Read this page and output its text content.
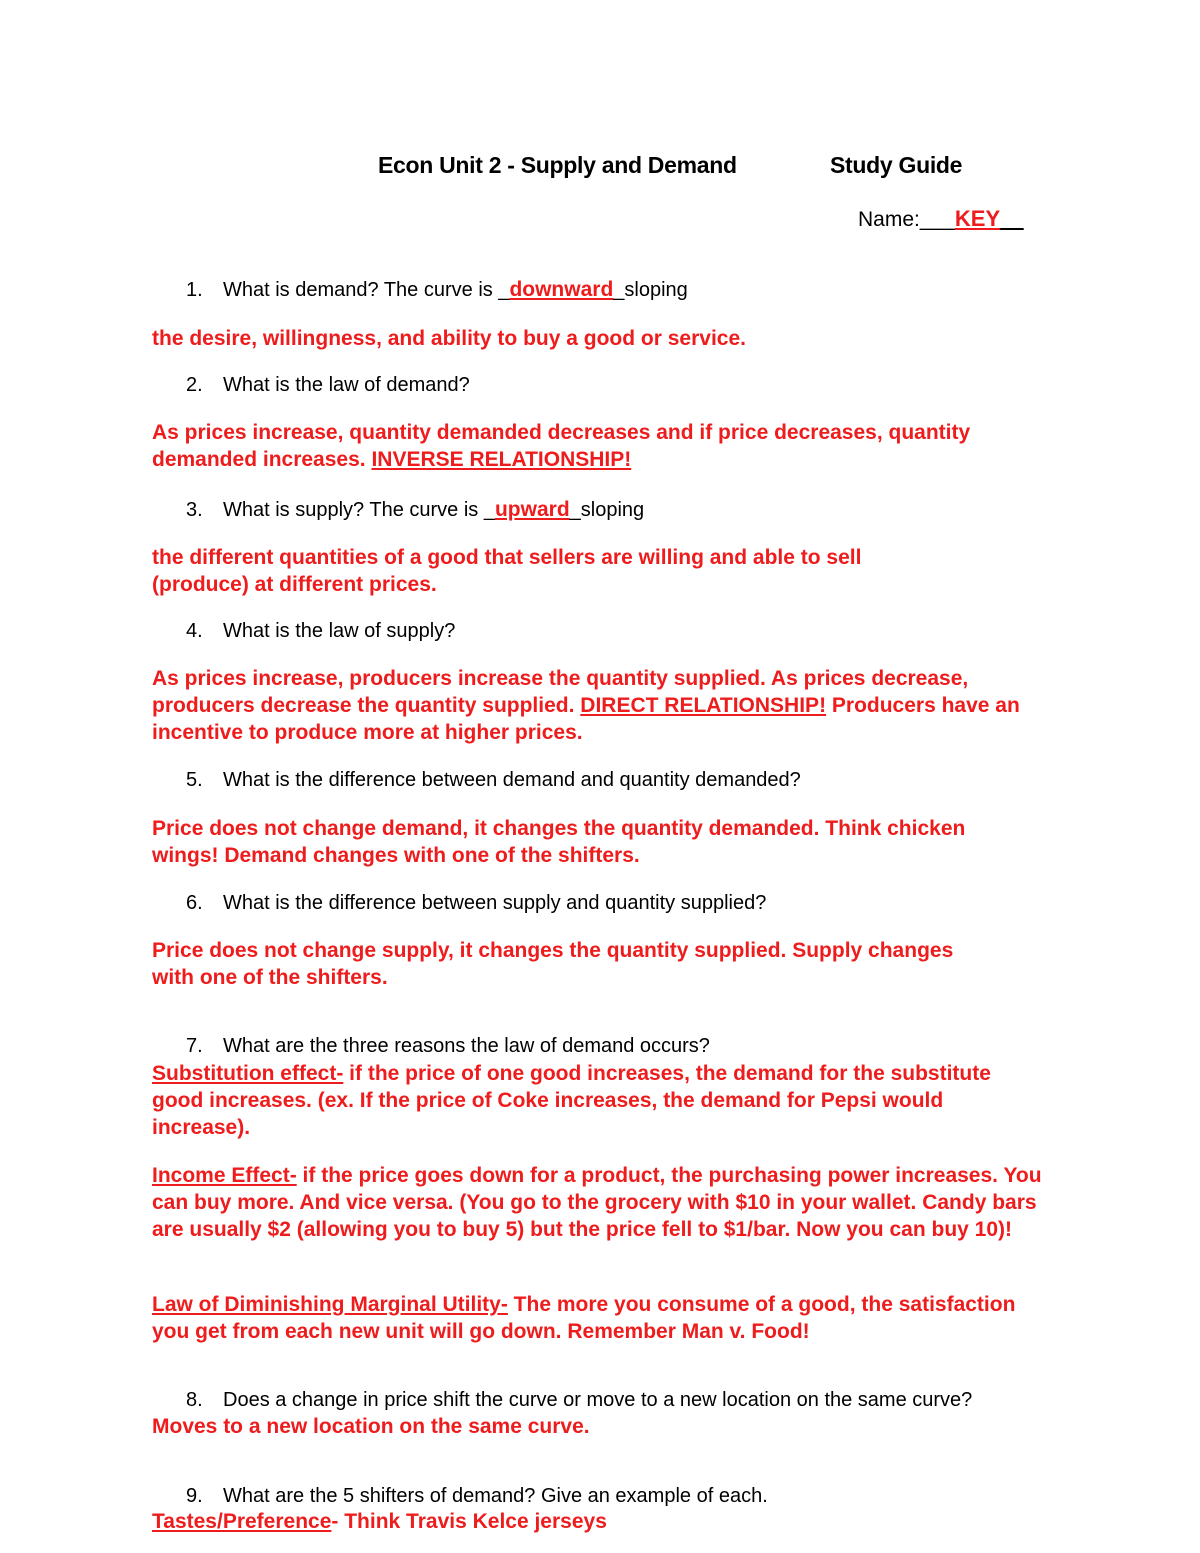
Econ Unit 2 - Supply and Demand	Study Guide
Name:___KEY__
1. What is demand? The curve is _downward_sloping
the desire, willingness, and ability to buy a good or service.
2. What is the law of demand?
As prices increase, quantity demanded decreases and if price decreases, quantity demanded increases. INVERSE RELATIONSHIP!
3. What is supply? The curve is _upward_sloping
the different quantities of a good that sellers are willing and able to sell (produce) at different prices.
4. What is the law of supply?
As prices increase, producers increase the quantity supplied. As prices decrease, producers decrease the quantity supplied. DIRECT RELATIONSHIP! Producers have an incentive to produce more at higher prices.
5. What is the difference between demand and quantity demanded?
Price does not change demand, it changes the quantity demanded. Think chicken wings! Demand changes with one of the shifters.
6. What is the difference between supply and quantity supplied?
Price does not change supply, it changes the quantity supplied. Supply changes with one of the shifters.
7. What are the three reasons the law of demand occurs?
Substitution effect- if the price of one good increases, the demand for the substitute good increases. (ex. If the price of Coke increases, the demand for Pepsi would increase).
Income Effect- if the price goes down for a product, the purchasing power increases. You can buy more. And vice versa. (You go to the grocery with $10 in your wallet. Candy bars are usually $2 (allowing you to buy 5) but the price fell to $1/bar. Now you can buy 10)!
Law of Diminishing Marginal Utility- The more you consume of a good, the satisfaction you get from each new unit will go down. Remember Man v. Food!
8. Does a change in price shift the curve or move to a new location on the same curve?
Moves to a new location on the same curve.
9. What are the 5 shifters of demand? Give an example of each.
Tastes/Preference- Think Travis Kelce jerseys
